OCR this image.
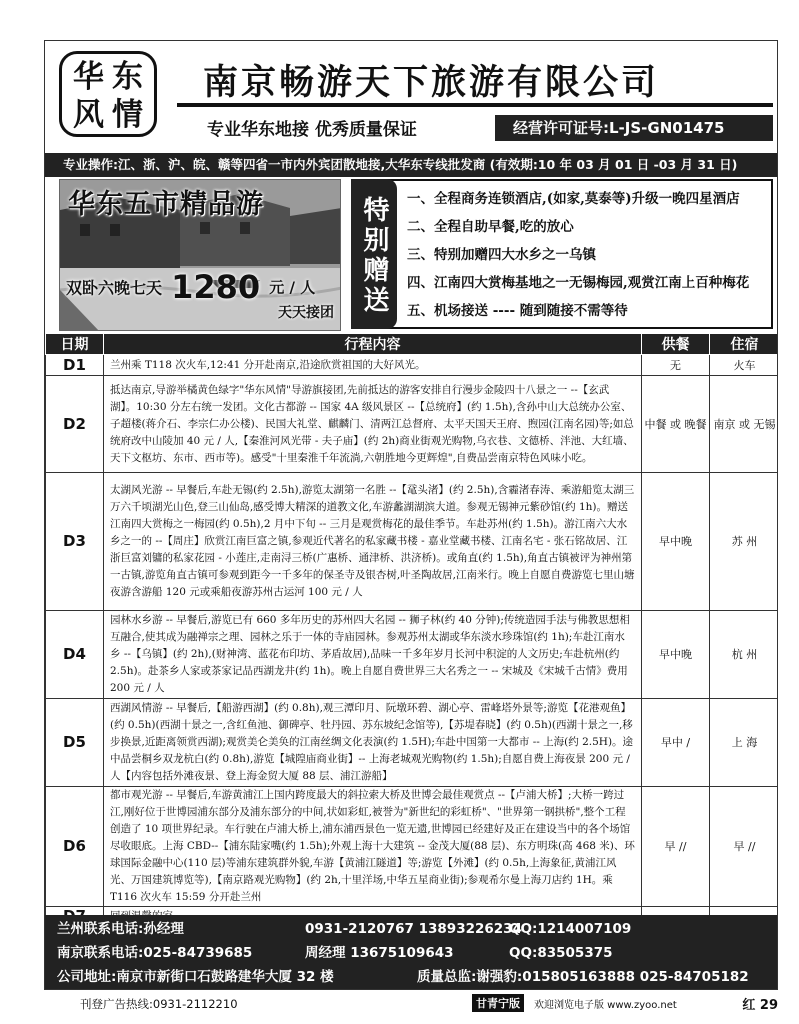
华东
风情
南京畅游天下旅游有限公司
专业华东地接 优秀质量保证	经营许可证号:L-JS-GN01475
专业操作:江、浙、沪、皖、赣等四省一市内外宾团散地接,大华东专线批发商 (有效期:10 年 03 月 01 日 -03 月 31 日)
华东五市精品游
双卧六晚七天 1280 元 / 人
天天接团 特别赠送	一、全程商务连锁酒店,(如家,莫泰等)升级一晚四星酒店
二、全程自助早餐,吃的放心
三、特别加赠四大水乡之一乌镇
四、江南四大赏梅基地之一无锡梅园,观赏江南上百种梅花
五、机场接送 ---- 随到随接不需等待
日期	行程内容	供餐	住宿
D1	兰州乘 T118 次火车,12:41 分开赴南京,沿途欣赏祖国的大好风光。	无	火车
D2	抵达南京,导游举橘黄色绿字"华东风情"导游旗接团,先前抵达的游客安排自行漫步金陵四十八景之一 --【玄武湖】。10:30 分左右统一发团。文化古都游 -- 国家 4A 级风景区 --【总统府】(约 1.5h),含孙中山大总统办公室、子超楼(蒋介石、李宗仁办公楼)、民国大礼堂、麒麟门、清两江总督府、太平天国天王府、煦园(江南名园)等;如总统府改中山陵加 40 元 / 人,【秦淮河风光带 - 夫子庙】(约 2h)商业街观光购物,乌衣巷、文德桥、泮池、大红墙、天下文枢坊、东市、西市等)。感受"十里秦淮千年流淌,六朝胜地今更辉煌",自费品尝南京特色风味小吃。	中餐 或 晚餐	南京 或 无锡
D3	太湖风光游 -- 早餐后,车赴无锡(约 2.5h),游览太湖第一名胜 --【鼋头渚】(约 2.5h),含霾渚春涛、乘游船览太湖三万六千顷湖光山色,登三山仙岛,感受博大精深的道教文化,车游蠡湖湖滨大道。参观无锡神元紫砂馆(约 1h)。赠送江南四大赏梅之一梅园(约 0.5h),2 月中下旬 -- 三月是观赏梅花的最佳季节。车赴苏州(约 1.5h)。游江南六大水乡之一的 --【周庄】欣赏江南巨富之镇,参观近代著名的私家藏书楼 - 嘉业堂藏书楼、江南名宅 - 张石铭故居、江浙巨富刘镛的私家花园 - 小莲庄,走南浔三桥(广惠桥、通津桥、洪济桥)。或角直(约 1.5h),角直古镇被评为神州第一古镇,游览角直古镇可参观到距今一千多年的保圣寺及银杏树,叶圣陶故居,江南米行。晚上自愿自费游览七里山塘夜游含游船 120 元或乘船夜游苏州古运河 100 元 / 人	早中晚	苏 州
D4	园林水乡游 -- 早餐后,游览已有 660 多年历史的苏州四大名园 -- 狮子林(约 40 分钟);传统造园手法与佛教思想相互融合,使其成为融禅宗之理、园林之乐于一体的寺庙园林。参观苏州太湖或华东淡水珍珠馆(约 1h);车赴江南水乡 --【乌镇】(约 2h),(财神湾、蓝花布印坊、茅盾故居),品味一千多年岁月长河中积淀的人文历史;车赴杭州(约 2.5h)。赴茶乡人家或茶家记品西湖龙井(约 1h)。晚上自愿自费世界三大名秀之一 -- 宋城及《宋城千古情》费用 200 元 / 人	早中晚	杭 州
D5	西湖风情游 -- 早餐后,【船游西湖】(约 0.8h),观三潭印月、阮墩环碧、湖心亭、雷峰塔外景等;游览【花港观鱼】(约 0.5h)(西湖十景之一,含红鱼池、御碑亭、牡丹园、苏东坡纪念馆等),【苏堤春晓】(约 0.5h)(西湖十景之一,移步换景,近距离领赏西湖);观赏美仑美奂的江南丝绸文化表演(约 1.5H);车赴中国第一大都市 -- 上海(约 2.5H)。途中品尝桐乡双龙杭白(约 0.8h),游览【城隍庙商业街】-- 上海老城观光购物(约 1.5h);自愿自费上海夜景 200 元 / 人【内容包括外滩夜景、登上海金贸大厦 88 层、浦江游船】	早中 /	上 海
D6	都市观光游 -- 早餐后,车游黄浦江上国内跨度最大的斜拉索大桥及世博会最佳观赏点 --【卢浦大桥】;大桥一跨过江,刚好位于世博园浦东部分及浦东部分的中间,状如彩虹,被誉为"新世纪的彩虹桥"、"世界第一钢拱桥",整个工程创造了 10 项世界纪录。车行驶在卢浦大桥上,浦东浦西景色一览无遗,世博园已经建好及正在建设当中的各个场馆尽收眼底。上海 CBD--【浦东陆家嘴(约 1.5h);外观上海十大建筑 -- 金茂大厦(88 层)、东方明珠(高 468 米)、环球国际金融中心(110 层)等浦东建筑群外貌,车游【黄浦江隧道】等;游览【外滩】(约 0.5h,上海象征,黄浦江风光、万国建筑博览等),【南京路观光购物】(约 2h,十里洋场,中华五星商业街);参观希尔曼上海刀店约 1H。乘 T116 次火车 15:59 分开赴兰州	早 //	早 //

兰州联系电话:孙经理	0931-2120767 13893226234
QQ:1214007109
南京联系电话:025-84739685	周经理 13675109643	QQ:83505375
公司地址:南京市新街口石鼓路建华大厦 32 楼	质量总监:谢强豹:015805163888 025-84705182
刊登广告热线:0931-2112210	甘青宁版	欢迎浏览电子版 www.zyoo.net	红 29
